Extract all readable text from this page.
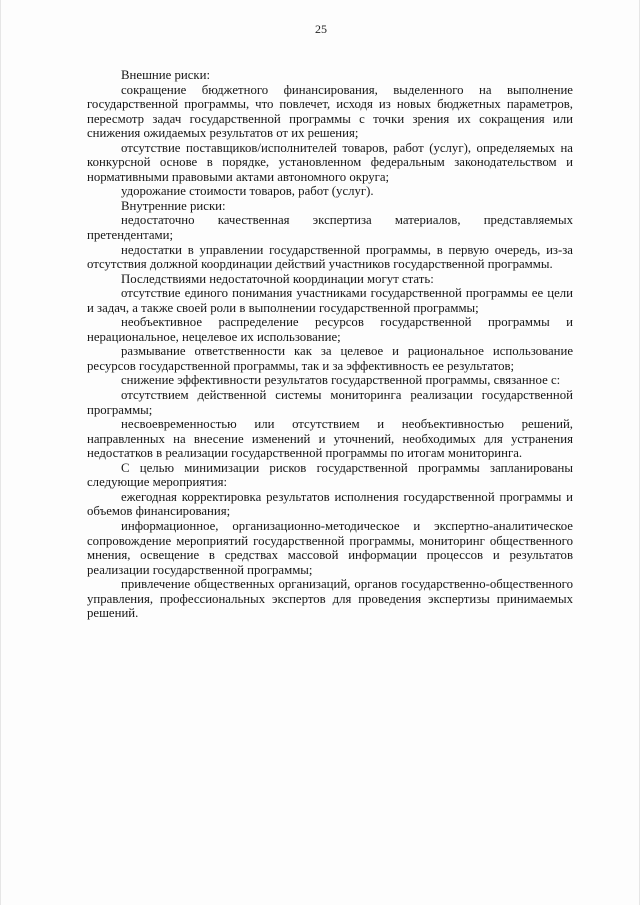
25

Внешние риски:

сокращение бюджетного финансирования, выделенного на выполнение государственной программы, что повлечет, исходя из новых бюджетных параметров, пересмотр задач государственной программы с точки зрения их сокращения или снижения ожидаемых результатов от их решения;

отсутствие поставщиков/исполнителей товаров, работ (услуг), определяемых на конкурсной основе в порядке, установленном федеральным законодательством и нормативными правовыми актами автономного округа;

удорожание стоимости товаров, работ (услуг).

Внутренние риски:

недостаточно качественная экспертиза материалов, представляемых претендентами;

недостатки в управлении государственной программы, в первую очередь, из-за отсутствия должной координации действий участников государственной программы.

Последствиями недостаточной координации могут стать:

отсутствие единого понимания участниками государственной программы ее цели и задач, а также своей роли в выполнении государственной программы;

необъективное распределение ресурсов государственной программы и нерациональное, нецелевое их использование;

размывание ответственности как за целевое и рациональное использование ресурсов государственной программы, так и за эффективность ее результатов;

снижение эффективности результатов государственной программы, связанное с:

отсутствием действенной системы мониторинга реализации государственной программы;

несвоевременностью или отсутствием и необъективностью решений, направленных на внесение изменений и уточнений, необходимых для устранения недостатков в реализации государственной программы по итогам мониторинга.

С целью минимизации рисков государственной программы запланированы следующие мероприятия:

ежегодная корректировка результатов исполнения государственной программы и объемов финансирования;

информационное, организационно-методическое и экспертно-аналитическое сопровождение мероприятий государственной программы, мониторинг общественного мнения, освещение в средствах массовой информации процессов и результатов реализации государственной программы;

привлечение общественных организаций, органов государственно-общественного управления, профессиональных экспертов для проведения экспертизы принимаемых решений.
